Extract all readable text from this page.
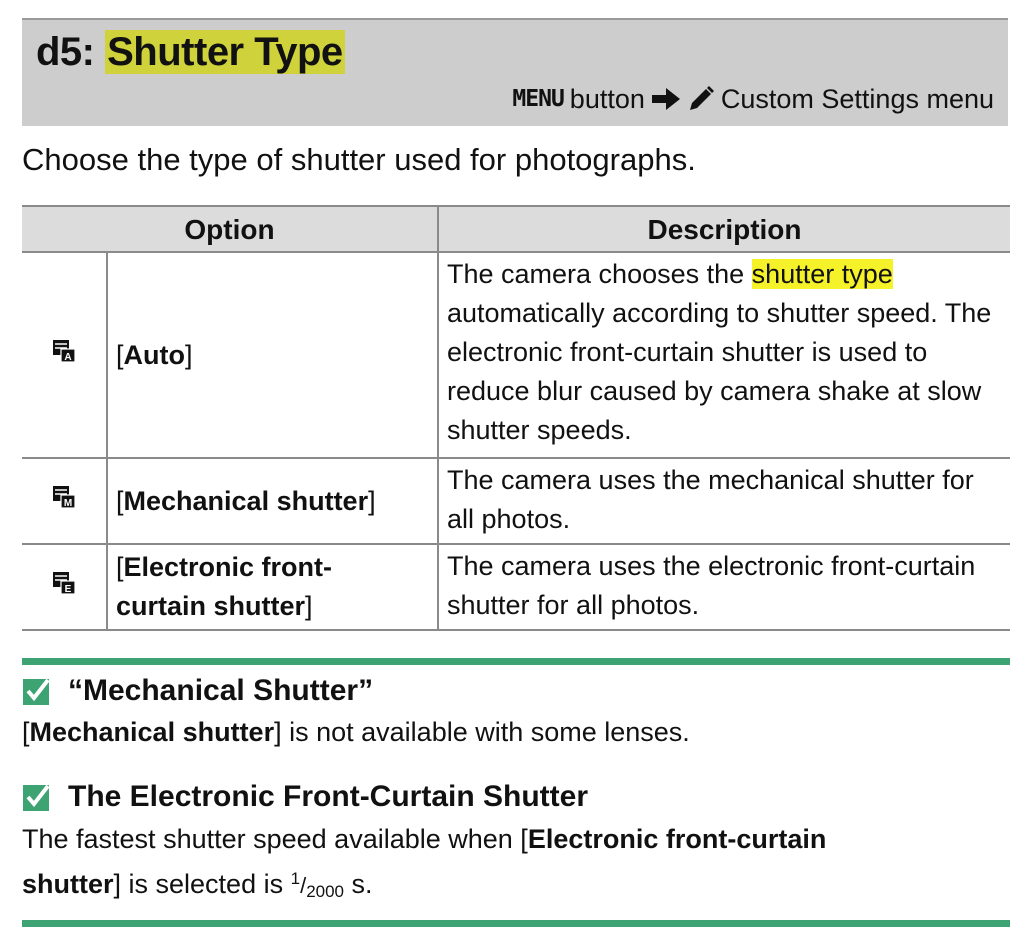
d5: Shutter Type
MENU button	Custom Settings menu

Choose the type of shutter used for photographs.

Option		Description

A	[Auto]	The camera chooses the shutter type automatically according to shutter speed. The electronic front-curtain shutter is used to reduce blur caused by camera shake at slow shutter speeds.

M	[Mechanical shutter]	The camera uses the mechanical shutter for all photos.

E	[Electronic front-
curtain shutter]	The camera uses the electronic front-curtain shutter for all photos.
“Mechanical Shutter”

[Mechanical shutter] is not available with some lenses.

The Electronic Front-Curtain Shutter

The fastest shutter speed available when [Electronic front-curtain
shutter] is selected is $^1/_{2000}$ s.
